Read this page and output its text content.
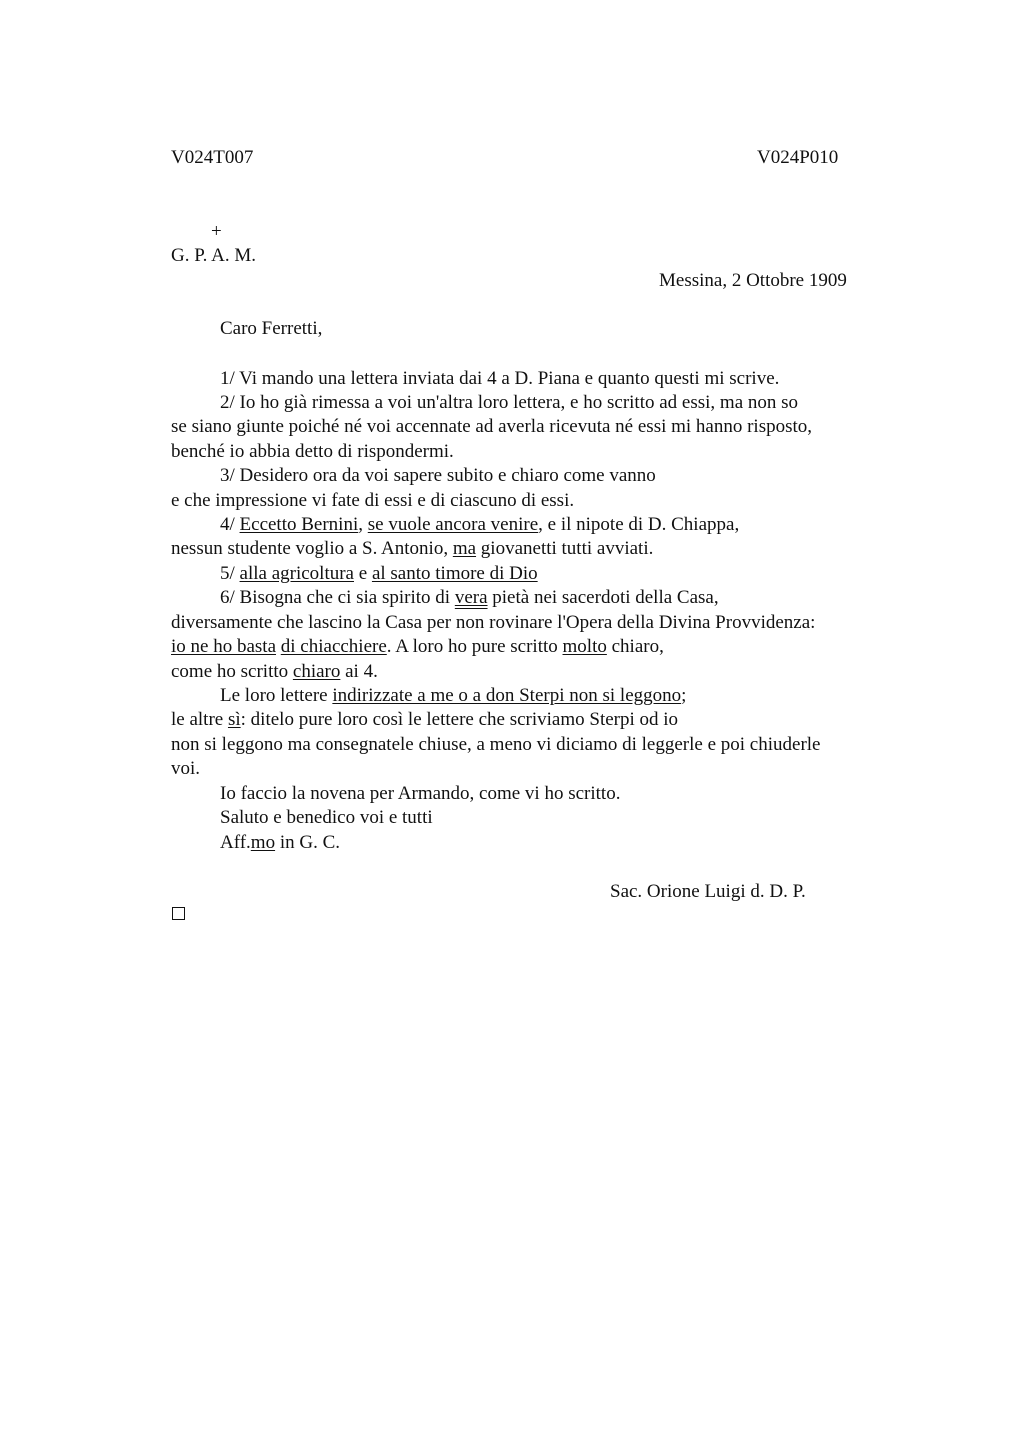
V024T007	V024P010
+
G. P. A. M.
Messina, 2 Ottobre 1909
Caro Ferretti,
1/ Vi mando una lettera inviata dai 4 a D. Piana e quanto questi mi scrive.
2/ Io ho già rimessa a voi un'altra loro lettera, e ho scritto ad essi, ma non so
se siano giunte poiché né voi accennate ad averla ricevuta né essi mi hanno risposto,
benché io abbia detto di rispondermi.
3/ Desidero ora da voi sapere subito e chiaro come vanno
e che impressione vi fate di essi e di ciascuno di essi.
4/ Eccetto Bernini, se vuole ancora venire, e il nipote di D. Chiappa,
nessun studente voglio a S. Antonio, ma giovanetti tutti avviati.
5/ alla agricoltura e al santo timore di Dio
6/ Bisogna che ci sia spirito di vera pietà nei sacerdoti della Casa,
diversamente che lascino la Casa per non rovinare l'Opera della Divina Provvidenza:
io ne ho basta di chiacchiere. A loro ho pure scritto molto chiaro,
come ho scritto chiaro ai 4.
Le loro lettere indirizzate a me o a don Sterpi non si leggono;
le altre sì: ditelo pure loro così le lettere che scriviamo Sterpi od io
non si leggono ma consegnatele chiuse, a meno vi diciamo di leggerle e poi chiuderle
voi.
Io faccio la novena per Armando, come vi ho scritto.
Saluto e benedico voi e tutti
Aff.mo in G. C.
Sac. Orione Luigi d. D. P.
